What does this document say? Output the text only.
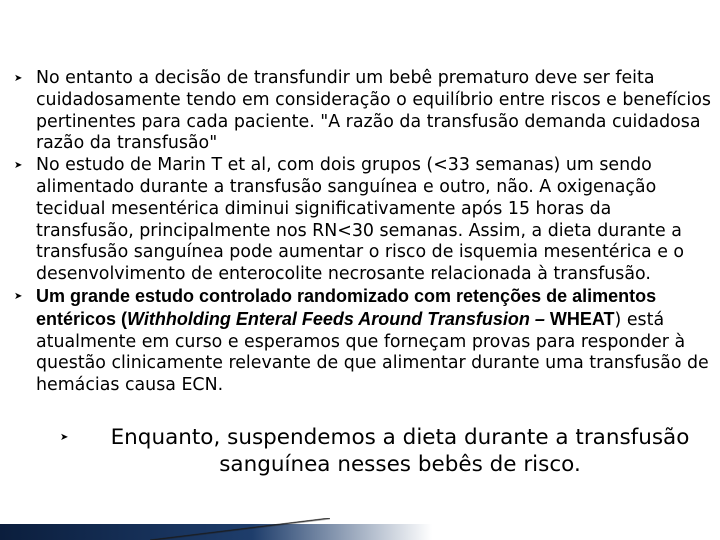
➤ No entanto a decisão de transfundir um bebê prematuro deve ser feita cuidadosamente tendo em consideração o equilíbrio entre riscos e benefícios pertinentes para cada paciente. "A razão da transfusão demanda cuidadosa razão da transfusão"
➤ No estudo de Marin T et al, com dois grupos (<33 semanas) um sendo alimentado durante a transfusão sanguínea e outro, não. A oxigenação tecidual mesentérica diminui significativamente após 15 horas da transfusão, principalmente nos RN<30 semanas. Assim, a dieta durante a transfusão sanguínea pode aumentar o risco de isquemia mesentérica e o desenvolvimento de enterocolite necrosante relacionada à transfusão.
➤ Um grande estudo controlado randomizado com retenções de alimentos entéricos (Withholding Enteral Feeds Around Transfusion – WHEAT) está atualmente em curso e esperamos que forneçam provas para responder à questão clinicamente relevante de que alimentar durante uma transfusão de hemácias causa ECN.
➤	Enquanto, suspendemos a dieta durante a transfusão sanguínea nesses bebês de risco.
